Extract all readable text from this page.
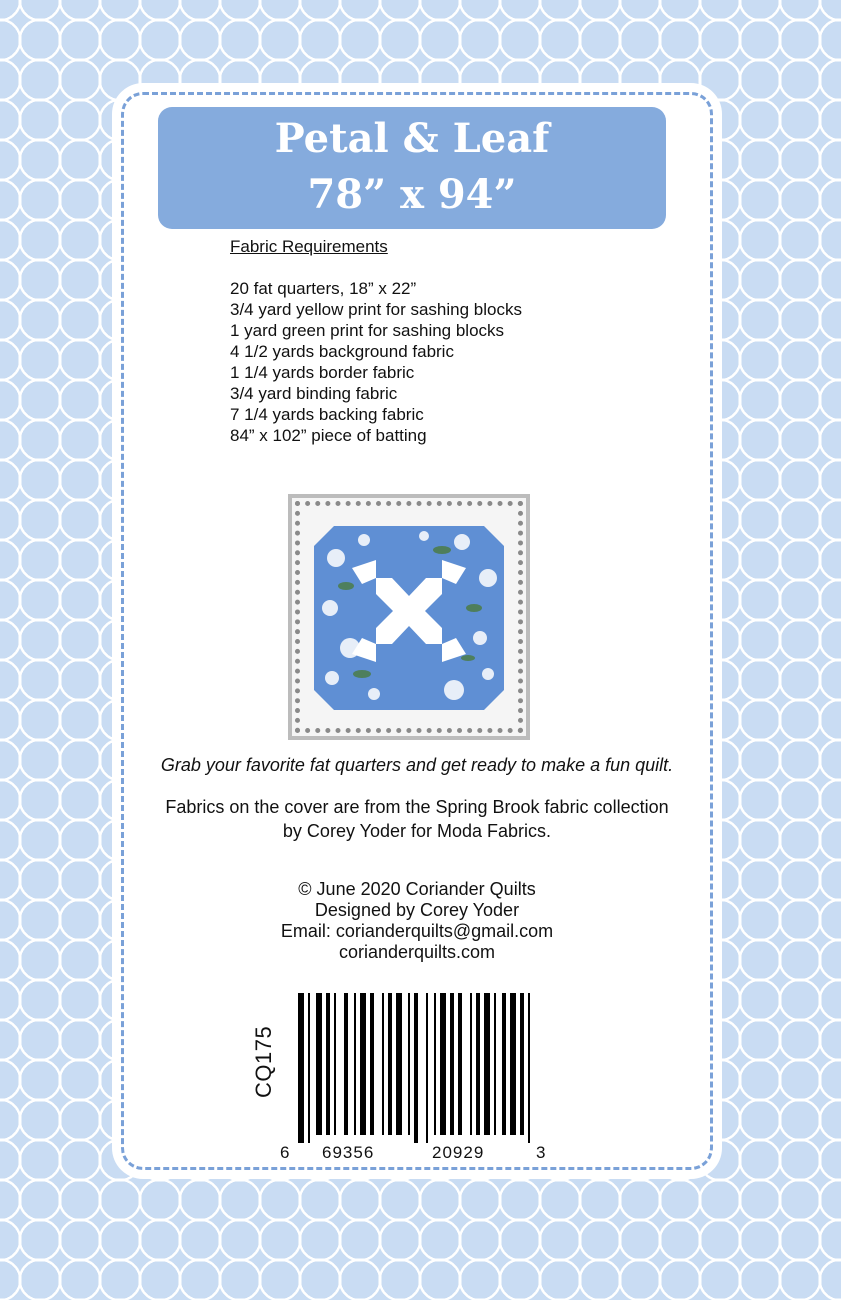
Petal & Leaf
78” x 94”
Fabric Requirements
20 fat quarters, 18” x 22”
3/4 yard yellow print for sashing blocks
1 yard green print for sashing blocks
4 1/2 yards background fabric
1 1/4 yards border fabric
3/4 yard binding fabric
7 1/4 yards backing fabric
84” x 102” piece of batting
Grab your favorite fat quarters and get ready to make a fun quilt.
Fabrics on the cover are from the Spring Brook fabric collection
by Corey Yoder for Moda Fabrics.
© June 2020 Coriander Quilts
Designed by Corey Yoder
Email: corianderquilts@gmail.com
corianderquilts.com
CQ175
6 69356	20929	3
